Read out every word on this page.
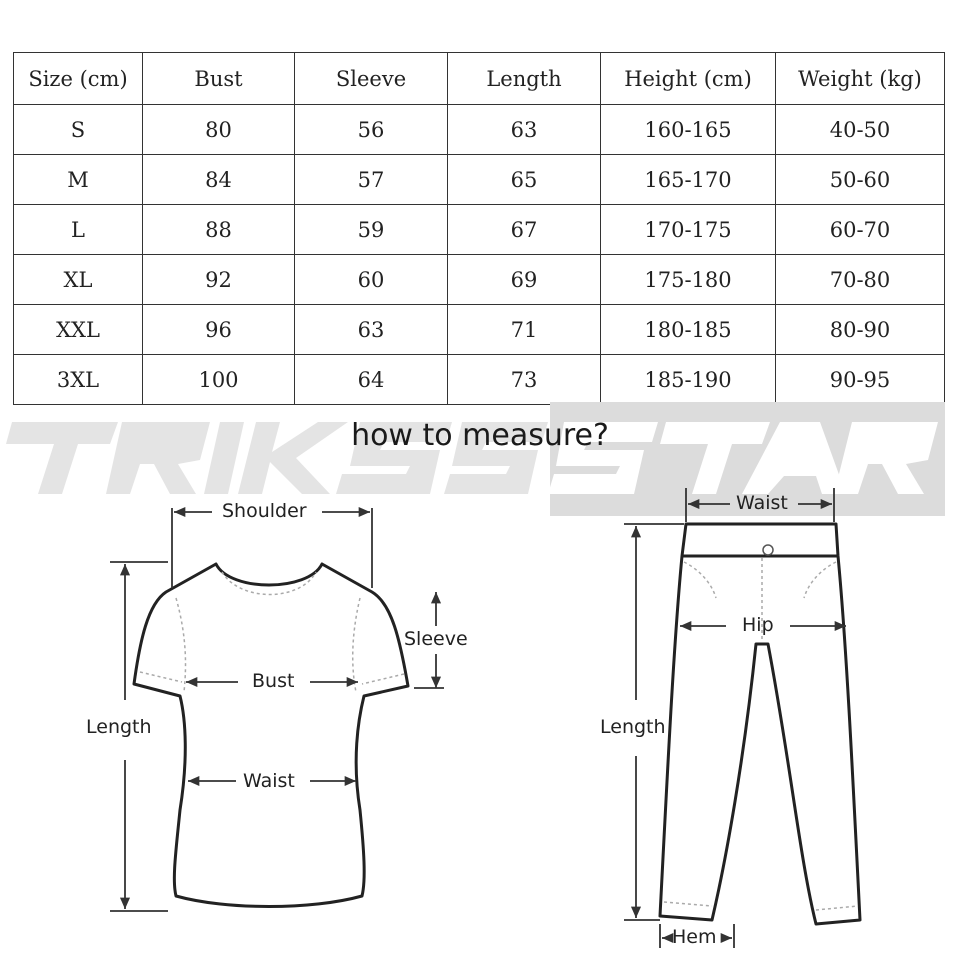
Size (cm)	Bust	Sleeve	Length	Height (cm)	Weight (kg)
S	80	56	63	160-165	40-50
M	84	57	65	165-170	50-60
L	88	59	67	170-175	60-70
XL	92	60	69	175-180	70-80
XXL	96	63	71	180-185	80-90
3XL	100	64	73	185-190	90-95
how to measure?
Shoulder
Sleeve
Bust
Length
Waist
Waist
Hip
Length
Hem
